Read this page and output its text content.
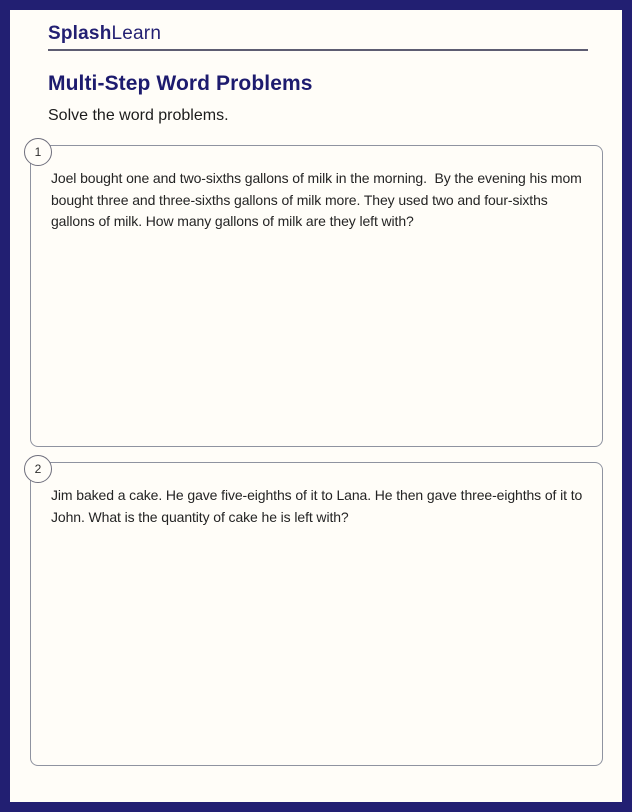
SplashLearn
Multi-Step Word Problems
Solve the word problems.
1
Joel bought one and two-sixths gallons of milk in the morning.  By the evening his mom bought three and three-sixths gallons of milk more. They used two and four-sixths gallons of milk. How many gallons of milk are they left with?
2
Jim baked a cake. He gave five-eighths of it to Lana. He then gave three-eighths of it to John. What is the quantity of cake he is left with?
